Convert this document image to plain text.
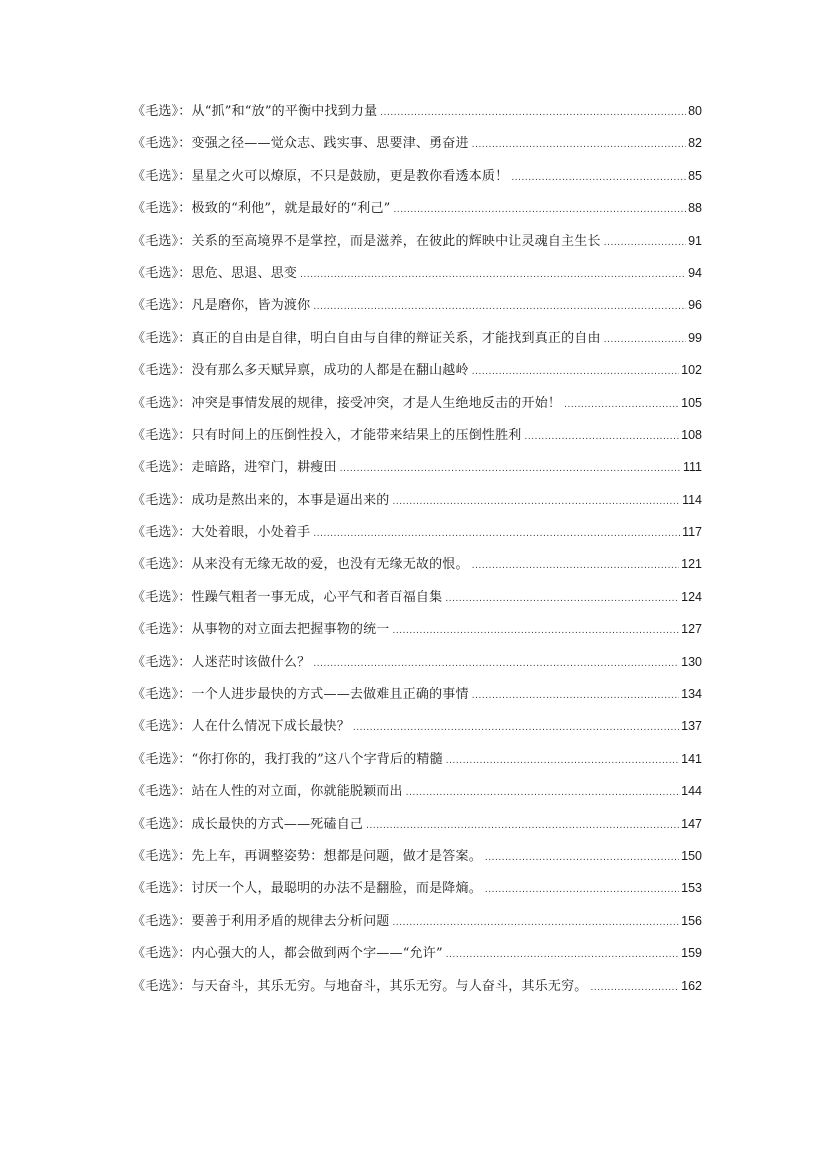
《毛选》：从“抓”和“放”的平衡中找到力量 .....	80
《毛选》：变强之径——觉众志、践实事、思要津、勇奋进 .....	82
《毛选》：星星之火可以燎原，不只是鼓励，更是教你看透本质！ .....	85
《毛选》：极致的“利他”，就是最好的“利己” .....	88
《毛选》：关系的至高境界不是掌控，而是滋养，在彼此的辉映中让灵魂自主生长 .....	91
《毛选》：思危、思退、思变 .....	94
《毛选》：凡是磨你，皆为渡你 .....	96
《毛选》：真正的自由是自律，明白自由与自律的辩证关系，才能找到真正的自由 .....	99
《毛选》：没有那么多天赋异禀，成功的人都是在翻山越岭 .....	102
《毛选》：冲突是事情发展的规律，接受冲突，才是人生绝地反击的开始！ .....	105
《毛选》：只有时间上的压倒性投入，才能带来结果上的压倒性胜利 .....	108
《毛选》：走暗路，进窄门，耕瘦田 .....	111
《毛选》：成功是熬出来的，本事是逼出来的 .....	114
《毛选》：大处着眼，小处着手 .....	117
《毛选》：从来没有无缘无故的爱，也没有无缘无故的恨。 .....	121
《毛选》：性躁气粗者一事无成，心平气和者百福自集 .....	124
《毛选》：从事物的对立面去把握事物的统一 .....	127
《毛选》：人迷茫时该做什么？ .....	130
《毛选》：一个人进步最快的方式——去做难且正确的事情 .....	134
《毛选》：人在什么情况下成长最快？ .....	137
《毛选》：“你打你的，我打我的”这八个字背后的精髓 .....	141
《毛选》：站在人性的对立面，你就能脱颖而出 .....	144
《毛选》：成长最快的方式——死磕自己 .....	147
《毛选》：先上车，再调整姿势：想都是问题，做才是答案。 .....	150
《毛选》：讨厌一个人，最聪明的办法不是翻脸，而是降熵。 .....	153
《毛选》：要善于利用矛盾的规律去分析问题 .....	156
《毛选》：内心强大的人，都会做到两个字——“允许” .....	159
《毛选》：与天奋斗，其乐无穷。与地奋斗，其乐无穷。与人奋斗，其乐无穷。 .....	162
